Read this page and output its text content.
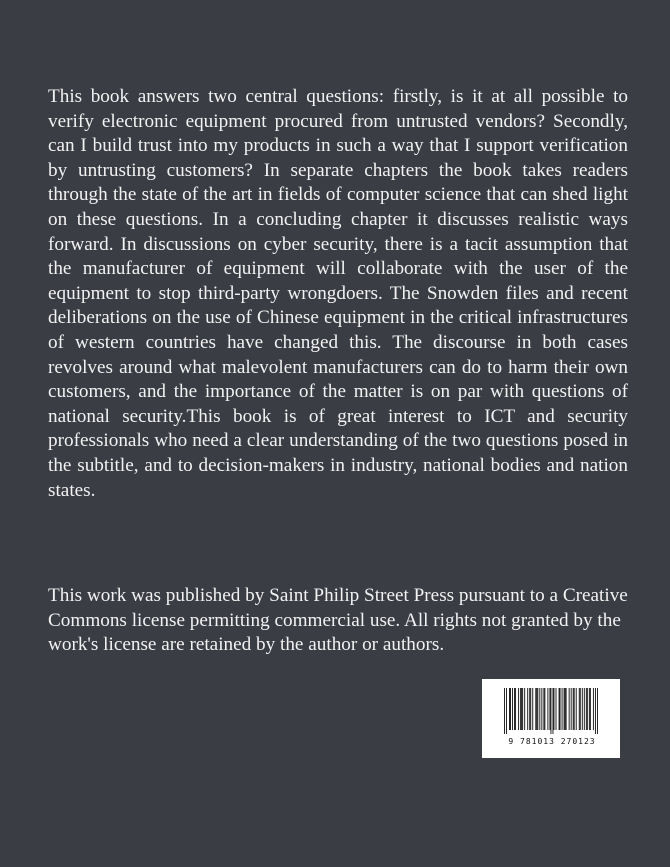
This book answers two central questions: firstly, is it at all possible to verify electronic equipment procured from untrusted vendors? Secondly, can I build trust into my products in such a way that I support verification by untrusting customers? In separate chapters the book takes readers through the state of the art in fields of computer science that can shed light on these questions. In a concluding chapter it discusses realistic ways forward. In discussions on cyber security, there is a tacit assumption that the manufacturer of equipment will collaborate with the user of the equipment to stop third-party wrongdoers. The Snowden files and recent deliberations on the use of Chinese equipment in the critical infrastructures of western countries have changed this. The discourse in both cases revolves around what malevolent manufacturers can do to harm their own customers, and the importance of the matter is on par with questions of national security.This book is of great interest to ICT and security professionals who need a clear understanding of the two questions posed in the subtitle, and to decision-makers in industry, national bodies and nation states.

This work was published by Saint Philip Street Press pursuant to a Creative Commons license permitting commercial use. All rights not granted by the work's license are retained by the author or authors.

9 781013 270123
